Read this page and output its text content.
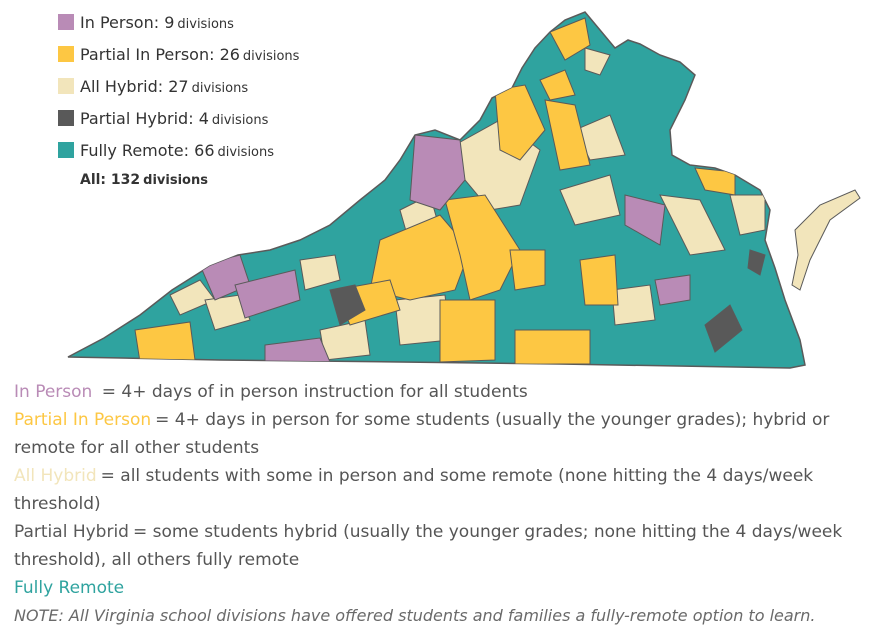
In Person: 9 divisions
Partial In Person: 26 divisions
All Hybrid: 27 divisions
Partial Hybrid: 4 divisions
Fully Remote: 66 divisions
All:
132 divisions

In Person = 4+ days of in person instruction for all students

Partial In Person = 4+ days in person for some students (usually the younger grades); hybrid or remote for all other students

All Hybrid = all students with some in person and some remote (none hitting the 4 days/week threshold)

Partial Hybrid = some students hybrid (usually the younger grades; none hitting the 4 days/week threshold), all others fully remote

Fully Remote

NOTE: All Virginia school divisions have offered students and families a fully-remote option to learn.
